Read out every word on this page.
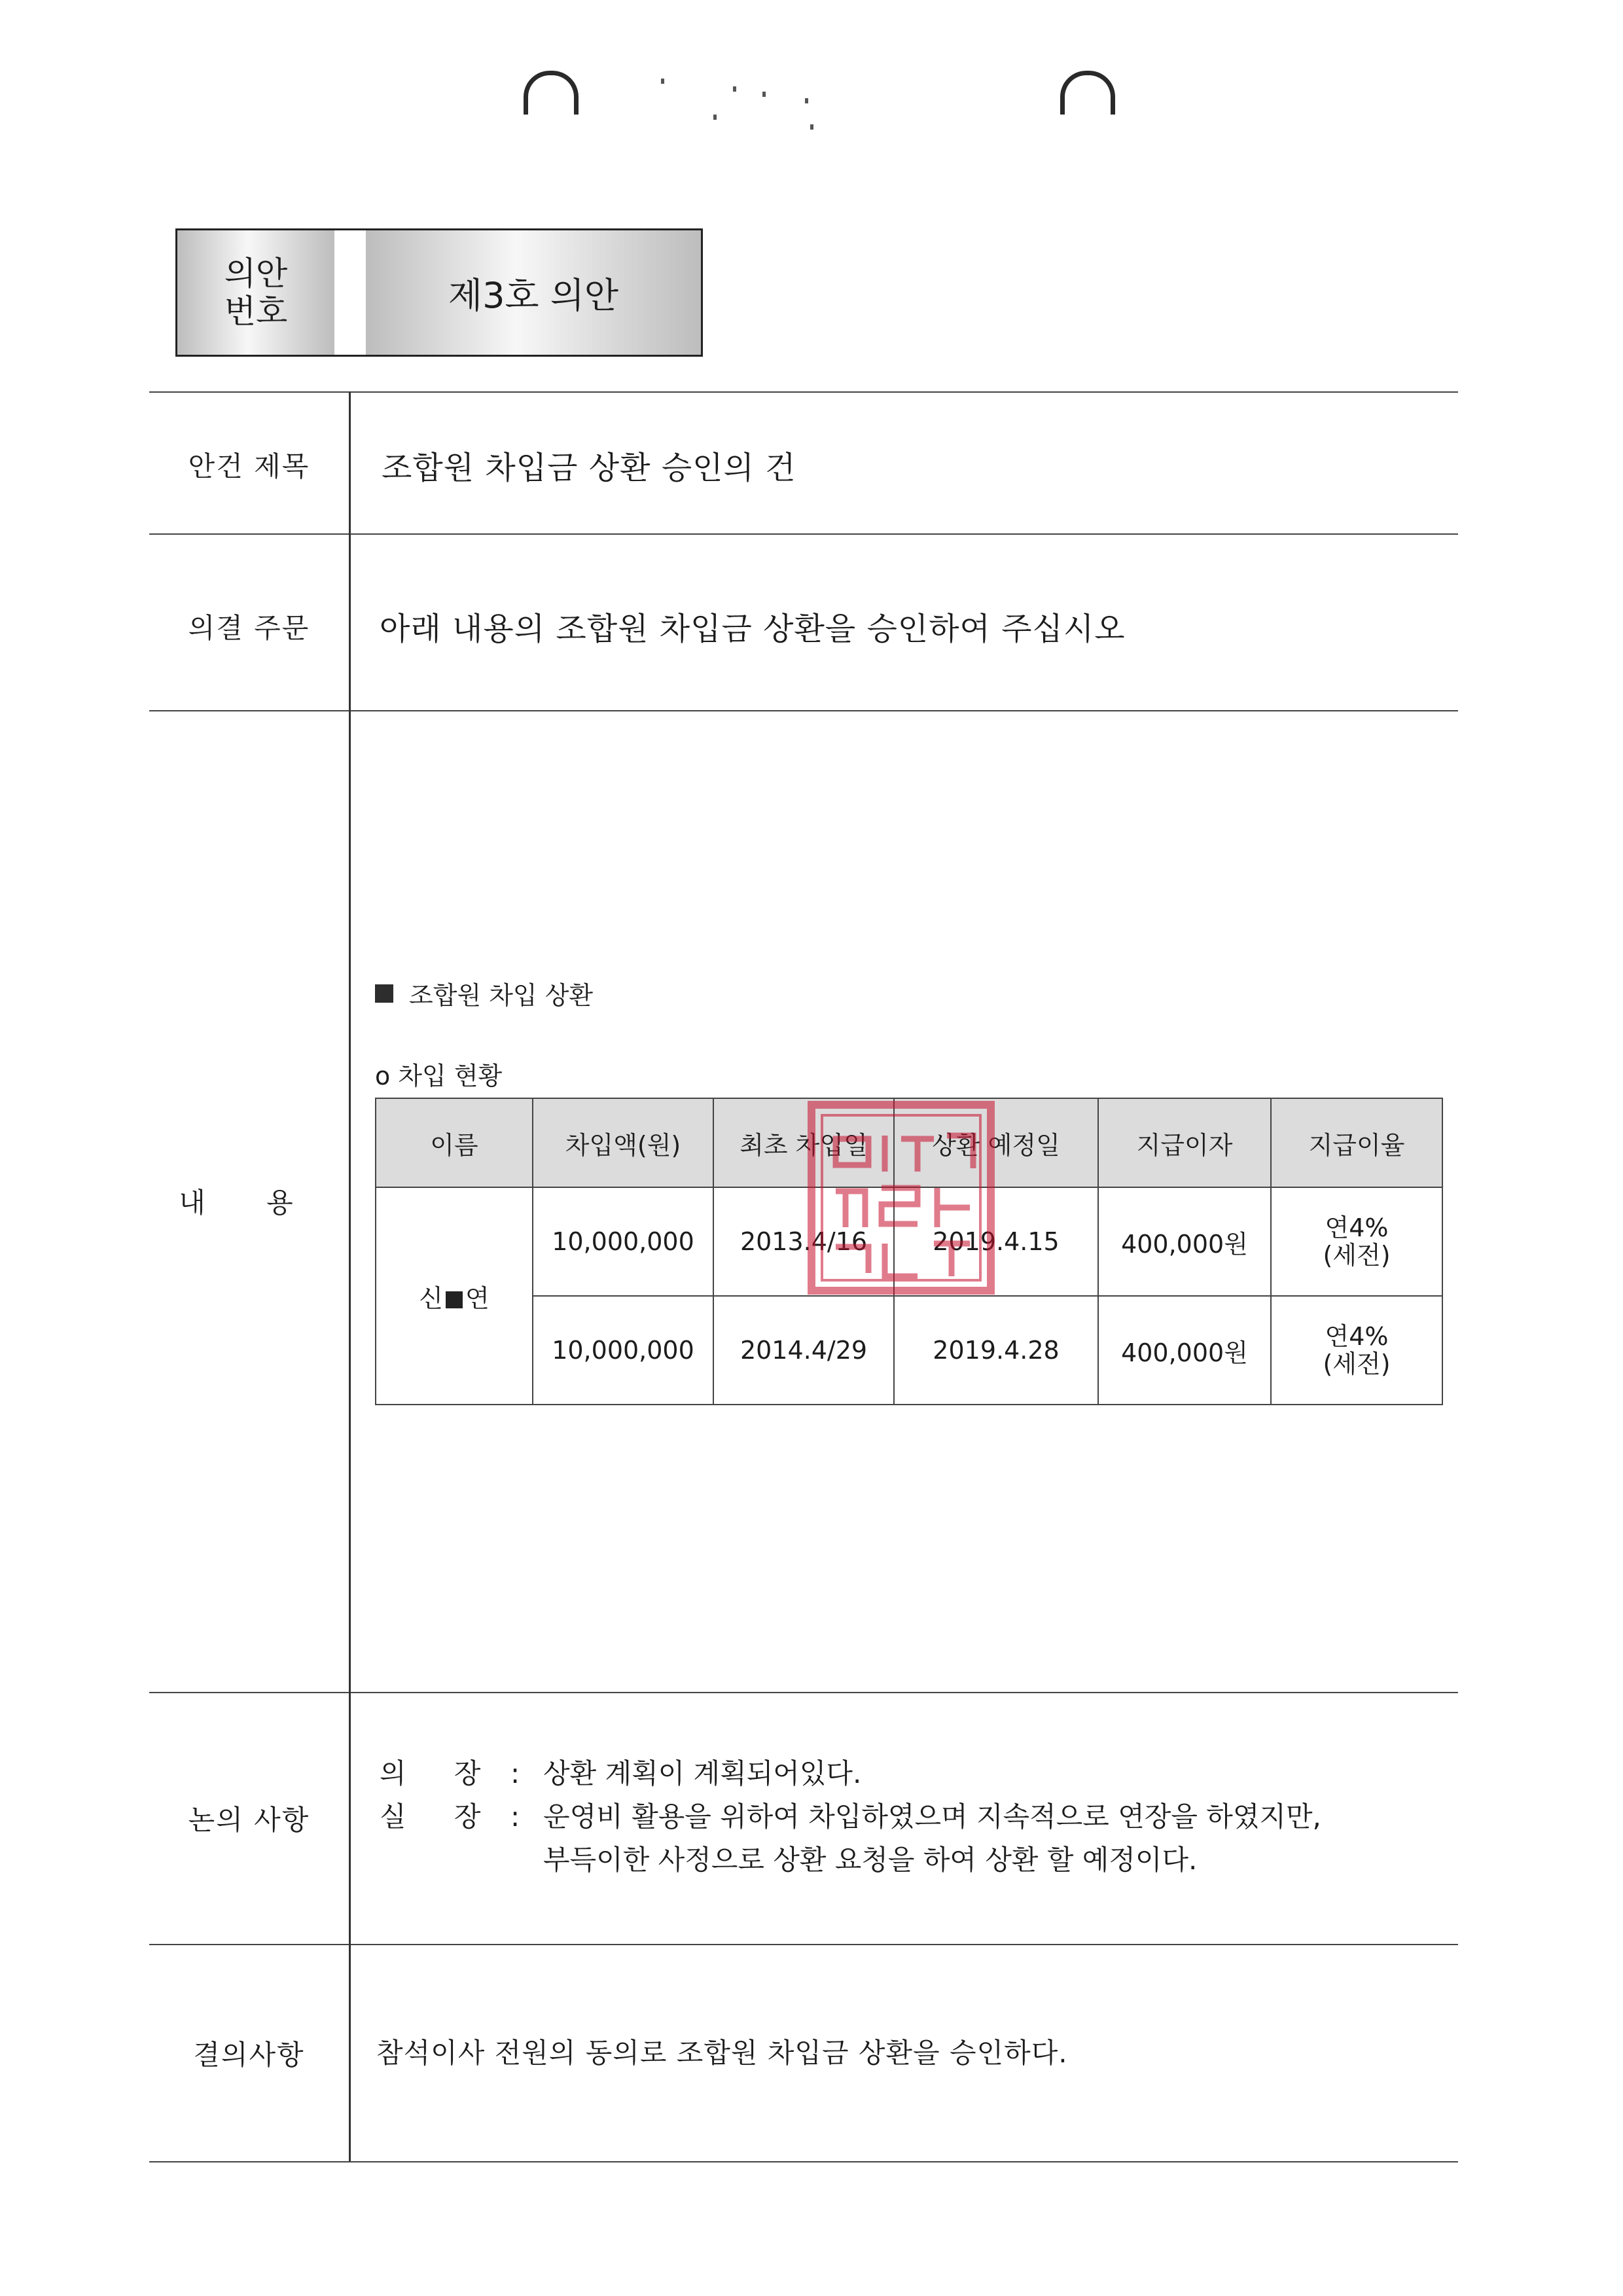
의안
번호	제3호 의안
안건 제목	조합원 차입금 상환 승인의 건
의결 주문	아래 내용의 조합원 차입금 상환을 승인하여 주십시오
내 용
조합원 차입 상환
o 차입 현황
이름	차입액(원)	최초 차입일	상환 예정일	지급이자	지급이율
신 연	10,000,000	2013.4/16	2019.4.15	400,000원	연4%
(세전)
	10,000,000	2014.4/29	2019.4.28	400,000원	연4%
(세전)
논의 사항
의 장 : 상환 계획이 계획되어있다.
실 장 : 운영비 활용을 위하여 차입하였으며 지속적으로 연장을 하였지만,
부득이한 사정으로 상환 요청을 하여 상환 할 예정이다.
결의사항	참석이사 전원의 동의로 조합원 차입금 상환을 승인하다.
